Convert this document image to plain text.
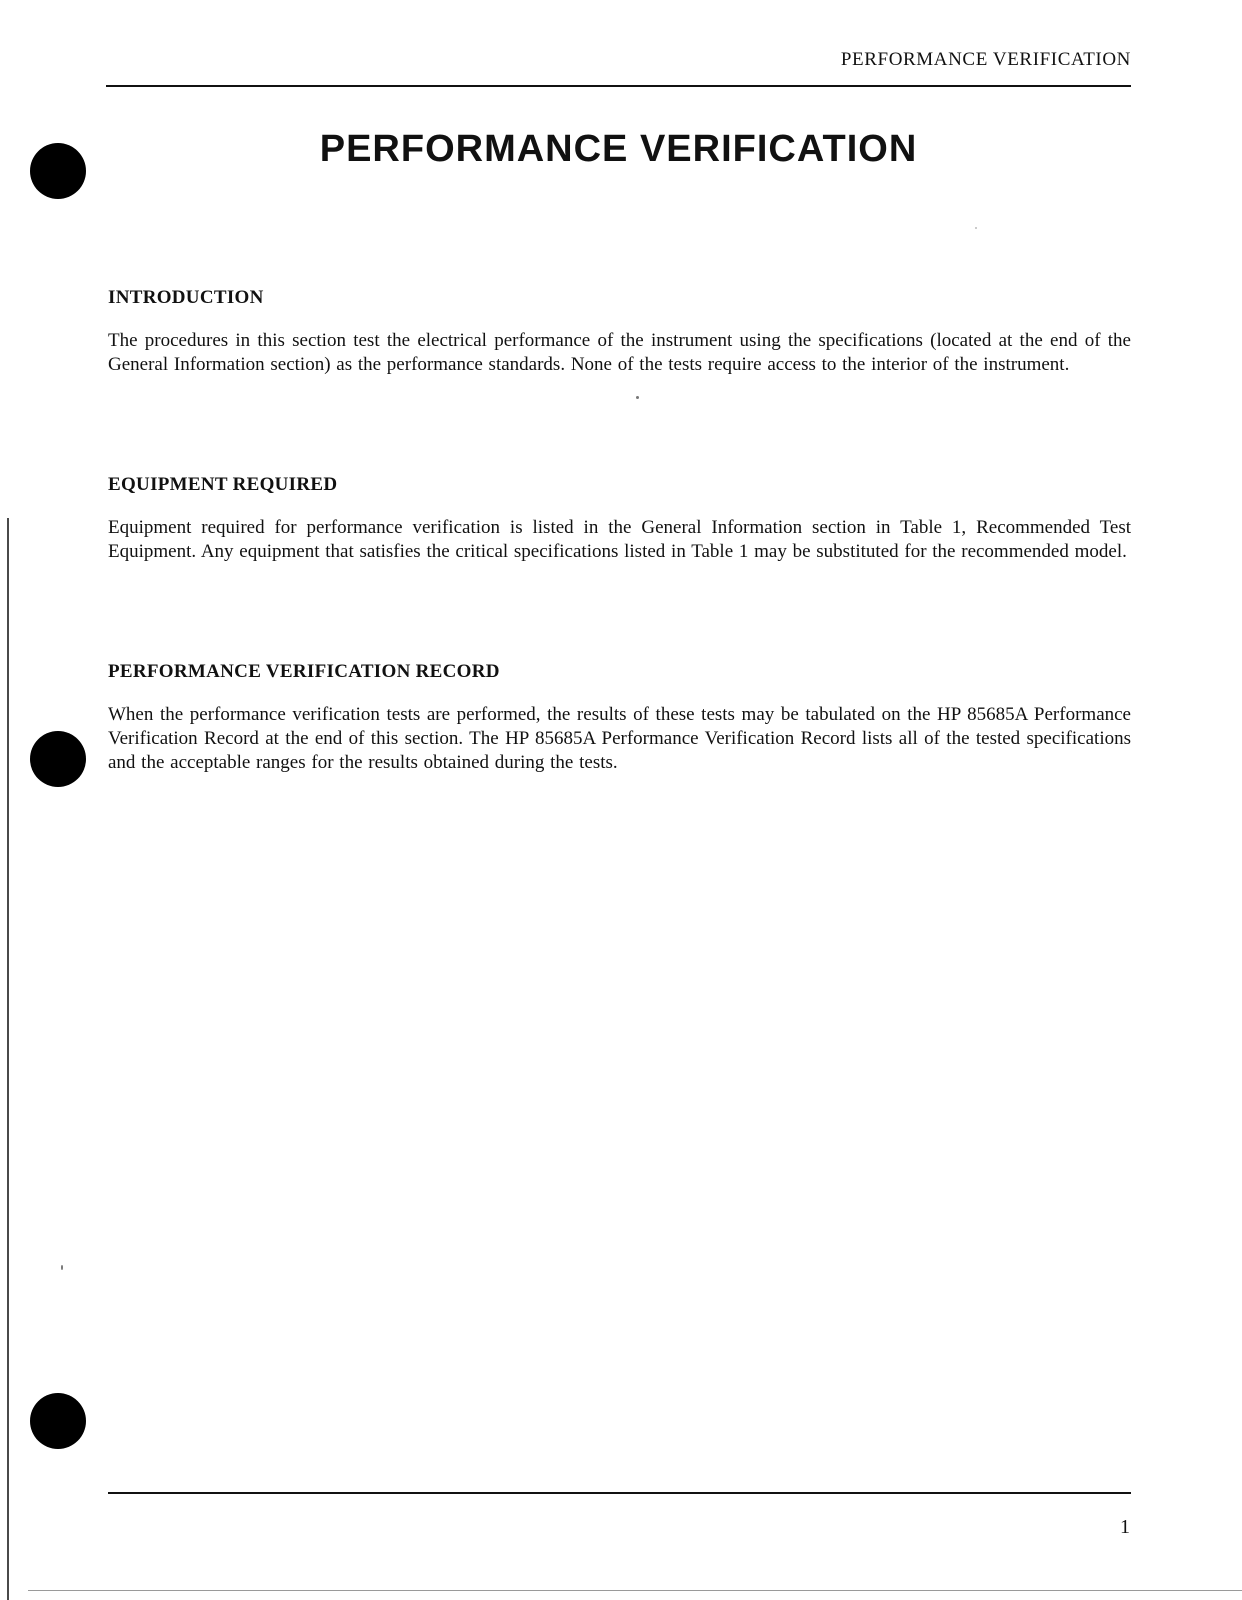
PERFORMANCE VERIFICATION
PERFORMANCE VERIFICATION
INTRODUCTION

The procedures in this section test the electrical performance of the instrument using the specifications (located at the end of the General Information section) as the performance standards. None of the tests require access to the interior of the instrument.

EQUIPMENT REQUIRED

Equipment required for performance verification is listed in the General Information section in Table 1, Recommended Test Equipment. Any equipment that satisfies the critical specifications listed in Table 1 may be substituted for the recommended model.

PERFORMANCE VERIFICATION RECORD

When the performance verification tests are performed, the results of these tests may be tabulated on the HP 85685A Performance Verification Record at the end of this section. The HP 85685A Performance Verification Record lists all of the tested specifications and the acceptable ranges for the results obtained during the tests.

1
